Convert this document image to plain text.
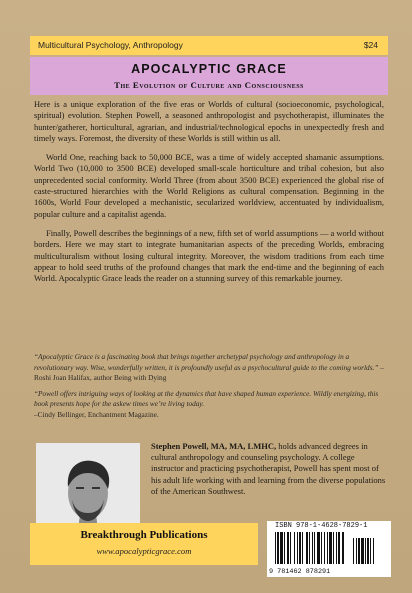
Multicultural Psychology, Anthropology	$24
APOCALYPTIC GRACE
The Evolution of Culture and Consciousness

Here is a unique exploration of the five eras or Worlds of cultural (socioeconomic, psychological, spiritual) evolution. Stephen Powell, a seasoned anthropologist and psychotherapist, illuminates the hunter/gatherer, horticultural, agrarian, and industrial/technological epochs in unexpectedly fresh and timely ways. Foremost, the diversity of these Worlds is still within us all.

World One, reaching back to 50,000 BCE, was a time of widely accepted shamanic assumptions. World Two (10,000 to 3500 BCE) developed small-scale horticulture and tribal cohesion, but also unprecedented social conformity. World Three (from about 3500 BCE) experienced the global rise of caste-structured hierarchies with the World Religions as cultural compensation. Beginning in the 1600s, World Four developed a mechanistic, secularized worldview, accentuated by individualism, popular culture and a capitalist agenda.

Finally, Powell describes the beginnings of a new, fifth set of world assumptions — a world without borders. Here we may start to integrate humanitarian aspects of the preceding Worlds, embracing multiculturalism without losing cultural integrity. Moreover, the wisdom traditions from each time appear to hold seed truths of the profound changes that mark the end-time and the beginning of each World. Apocalyptic Grace leads the reader on a stunning survey of this remarkable journey.

“Apocalyptic Grace is a fascinating book that brings together archetypal psychology and anthropology in a revolutionary way. Wise, wonderfully written, it is profoundly useful as a psychocultural guide to the coming worlds.” –Roshi Joan Halifax, author Being with Dying

“Powell offers intriguing ways of looking at the dynamics that have shaped human experience. Wildly energizing, this book presents hope for the askew times we’re living today.
–Cindy Bellinger, Enchantment Magazine.

Stephen Powell, MA, MA, LMHC, holds advanced degrees in cultural anthropology and counseling psychology. A college instructor and practicing psychotherapist, Powell has spent most of his adult life working with and learning from the diverse populations of the American Southwest.
Breakthrough Publications
www.apocalypticgrace.com
ISBN 978-1-4628-7829-1
9 781462 878291
